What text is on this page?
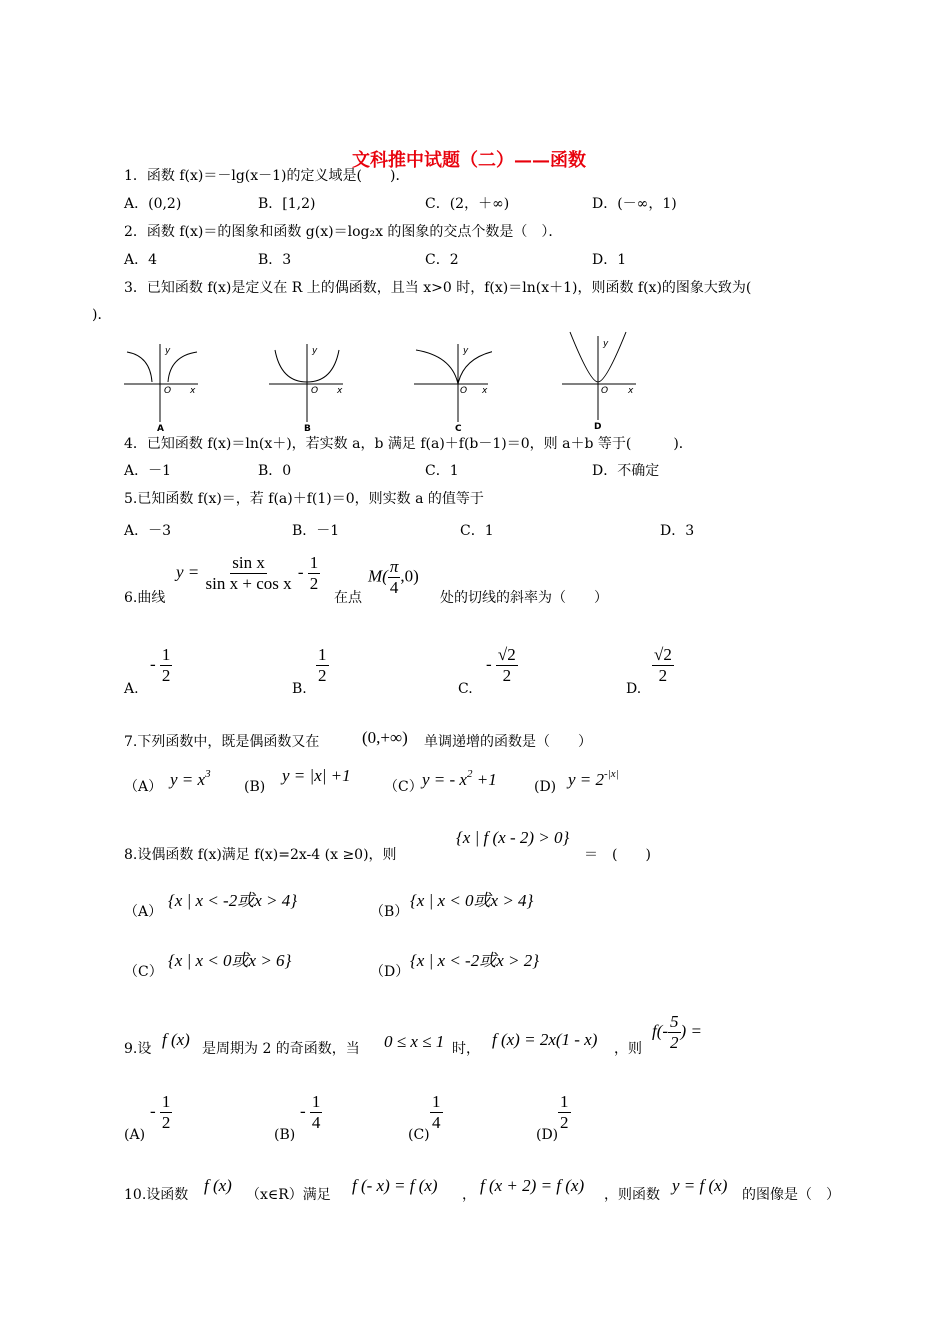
文科推中试题（二）——函数
1．函数 f(x)＝－lg(x－1)的定义域是(　　)．
A．(0,2)	B．[1,2)	C．(2，＋∞)	D．(－∞，1)
2．函数 f(x)＝的图象和函数 g(x)＝log₂x 的图象的交点个数是（　）．
A．4	B．3	C．2	D．1
3．已知函数 f(x)是定义在 R 上的偶函数，且当 x>0 时，f(x)＝ln(x＋1)，则函数 f(x)的图象大致为(
)．
y
O x
A
y
O x
B
y
O x
C
y
O x
D
4．已知函数 f(x)＝ln(x＋)，若实数 a，b 满足 f(a)＋f(b－1)＝0，则 a＋b 等于(　　　)．
A．－1	B．0	C．1	D．不确定
5.已知函数 f(x)＝，若 f(a)＋f(1)＝0，则实数 a 的值等于
A．－3	B．－1	C．1	D．3
6.曲线
$y = \frac{\text{sin x}}{\text{sin x + cos x}} - \frac{1}{2}$
在点
$M( \frac{\pi}{4} ,0)$
处的切线的斜率为（　　）
A.
- $\frac{1}{2}$
B.
$\frac{1}{2}$
C.
- $\frac{√2}{2}$
D.
$\frac{√2}{2}$
7.下列函数中，既是偶函数又在	(0,+∞) 单调递增的函数是（　　）
（A） $y = x^3$
(B)
y = |x| +1
（C） y = - $x^2 +1$	(D) $y = 2^{-|x|}$
8.设偶函数 f(x)满足 f(x)=2x-4 (x ≥0)，则
{x | f (x - 2) > 0}
＝　(　　)
（A）
{x | x < -2或x > 4}
（B）
{x | x < 0或x > 4}
（C）
{x | x < 0或x > 6}
（D）
{x | x < -2或x > 2}
9.设 f (x) 是周期为 2 的奇函数，当 0 ≤ x ≤ 1 时， f (x) = 2x(1 - x) ，则
$f(- \frac{5}{2}$ ) =
(A)
- $\frac{1}{2}$
(B)
- $\frac{1}{4}$
(C)
$\frac{1}{4}$
(D)
$\frac{1}{2}$
10.设函数 f (x) （x∈R）满足 f (- x) = f (x) ， f (x + 2) = f (x) ，则函数 y = f (x) 的图像是（　）
